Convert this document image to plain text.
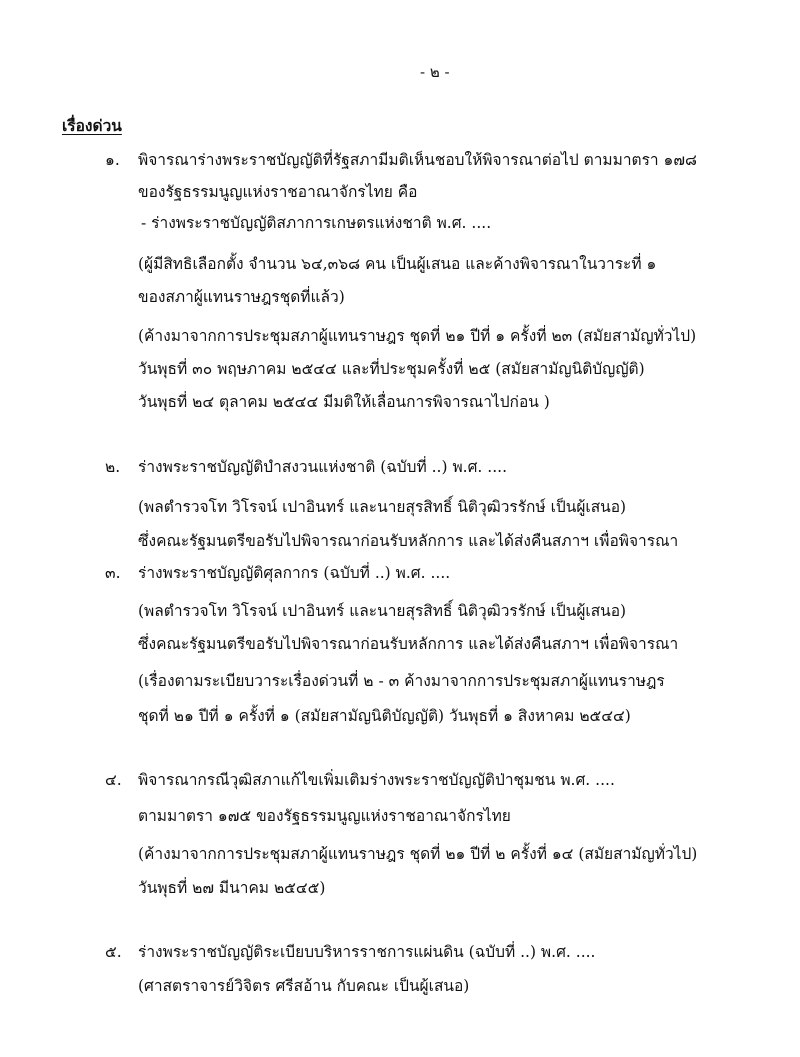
- ๒ -
เรื่องด่วน
๑. พิจารณาร่างพระราชบัญญัติที่รัฐสภามีมติเห็นชอบให้พิจารณาต่อไป ตามมาตรา ๑๗๘
ของรัฐธรรมนูญแห่งราชอาณาจักรไทย คือ
- ร่างพระราชบัญญัติสภาการเกษตรแห่งชาติ พ.ศ. ....
(ผู้มีสิทธิเลือกตั้ง จำนวน ๖๔,๓๖๘ คน เป็นผู้เสนอ และค้างพิจารณาในวาระที่ ๑
ของสภาผู้แทนราษฎรชุดที่แล้ว)
(ค้างมาจากการประชุมสภาผู้แทนราษฎร ชุดที่ ๒๑ ปีที่ ๑ ครั้งที่ ๒๓ (สมัยสามัญทั่วไป)
วันพุธที่ ๓๐ พฤษภาคม ๒๕๔๔ และที่ประชุมครั้งที่ ๒๕ (สมัยสามัญนิติบัญญัติ)
วันพุธที่ ๒๔ ตุลาคม ๒๕๔๔ มีมติให้เลื่อนการพิจารณาไปก่อน )
๒. ร่างพระราชบัญญัติบำสงวนแห่งชาติ (ฉบับที่ ..) พ.ศ. ....
(พลตำรวจโท วิโรจน์ เปาอินทร์ และนายสุรสิทธิ์ นิติวุฒิวรรักษ์ เป็นผู้เสนอ)
ซึ่งคณะรัฐมนตรีขอรับไปพิจารณาก่อนรับหลักการ และได้ส่งคืนสภาฯ เพื่อพิจารณา
๓. ร่างพระราชบัญญัติศุลกากร (ฉบับที่ ..) พ.ศ. ....
(พลตำรวจโท วิโรจน์ เปาอินทร์ และนายสุรสิทธิ์ นิติวุฒิวรรักษ์ เป็นผู้เสนอ)
ซึ่งคณะรัฐมนตรีขอรับไปพิจารณาก่อนรับหลักการ และได้ส่งคืนสภาฯ เพื่อพิจารณา
(เรื่องตามระเบียบวาระเรื่องด่วนที่ ๒ - ๓ ค้างมาจากการประชุมสภาผู้แทนราษฎร
ชุดที่ ๒๑ ปีที่ ๑ ครั้งที่ ๑ (สมัยสามัญนิติบัญญัติ) วันพุธที่ ๑ สิงหาคม ๒๕๔๔)
๔. พิจารณากรณีวุฒิสภาแก้ไขเพิ่มเติมร่างพระราชบัญญัติป่าชุมชน พ.ศ. ....
ตามมาตรา ๑๗๕ ของรัฐธรรมนูญแห่งราชอาณาจักรไทย
(ค้างมาจากการประชุมสภาผู้แทนราษฎร ชุดที่ ๒๑ ปีที่ ๒ ครั้งที่ ๑๔ (สมัยสามัญทั่วไป)
วันพุธที่ ๒๗ มีนาคม ๒๕๔๕)
๕. ร่างพระราชบัญญัติระเบียบบริหารราชการแผ่นดิน (ฉบับที่ ..) พ.ศ. ....
(ศาสตราจารย์วิจิตร ศรีสอ้าน กับคณะ เป็นผู้เสนอ)
